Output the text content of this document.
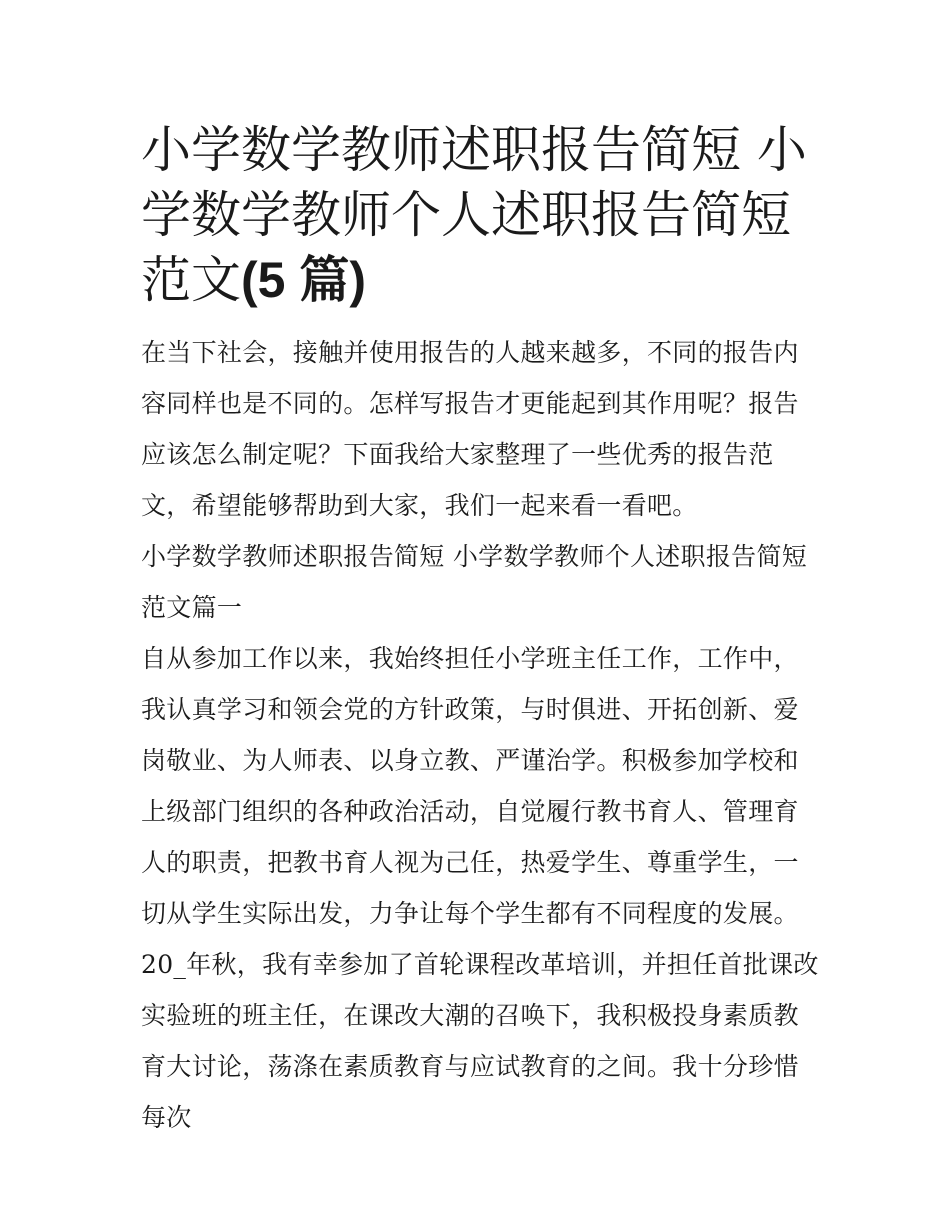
小学数学教师述职报告简短 小学数学教师个人述职报告简短范文(5 篇)

在当下社会，接触并使用报告的人越来越多，不同的报告内容同样也是不同的。怎样写报告才更能起到其作用呢？报告应该怎么制定呢？下面我给大家整理了一些优秀的报告范文，希望能够帮助到大家，我们一起来看一看吧。

小学数学教师述职报告简短 小学数学教师个人述职报告简短范文篇一

自从参加工作以来，我始终担任小学班主任工作，工作中，我认真学习和领会党的方针政策，与时俱进、开拓创新、爱岗敬业、为人师表、以身立教、严谨治学。积极参加学校和上级部门组织的各种政治活动，自觉履行教书育人、管理育人的职责，把教书育人视为己任，热爱学生、尊重学生，一切从学生实际出发，力争让每个学生都有不同程度的发展。

20_年秋，我有幸参加了首轮课程改革培训，并担任首批课改实验班的班主任，在课改大潮的召唤下，我积极投身素质教育大讨论，荡涤在素质教育与应试教育的之间。我十分珍惜每次
